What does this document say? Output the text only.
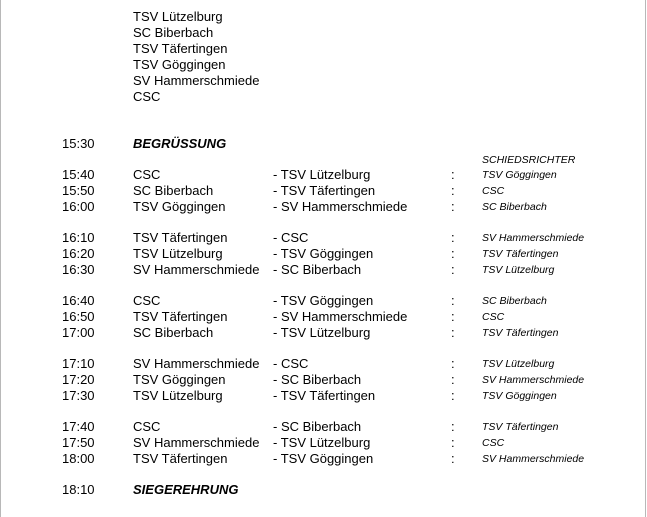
TSV Lützelburg
SC Biberbach
TSV Täfertingen
TSV Göggingen
SV Hammerschmiede
CSC
15:30	BEGRÜSSUNG
SCHIEDSRICHTER
15:40	CSC	- TSV Lützelburg	:	TSV Göggingen
15:50	SC Biberbach	- TSV Täfertingen	:	CSC
16:00	TSV Göggingen	- SV Hammerschmiede	:	SC Biberbach
16:10	TSV Täfertingen	- CSC	:	SV Hammerschmiede
16:20	TSV Lützelburg	- TSV Göggingen	:	TSV Täfertingen
16:30	SV Hammerschmiede - SC Biberbach	:	TSV Lützelburg
16:40	CSC	- TSV Göggingen	:	SC Biberbach
16:50	TSV Täfertingen	- SV Hammerschmiede	:	CSC
17:00	SC Biberbach	- TSV Lützelburg	:	TSV Täfertingen
17:10	SV Hammerschmiede - CSC	:	TSV Lützelburg
17:20	TSV Göggingen	- SC Biberbach	:	SV Hammerschmiede
17:30	TSV Lützelburg	- TSV Täfertingen	:	TSV Göggingen
17:40	CSC	- SC Biberbach	:	TSV Täfertingen
17:50	SV Hammerschmiede - TSV Lützelburg	:	CSC
18:00	TSV Täfertingen	- TSV Göggingen	:	SV Hammerschmiede
18:10	SIEGEREHRUNG
